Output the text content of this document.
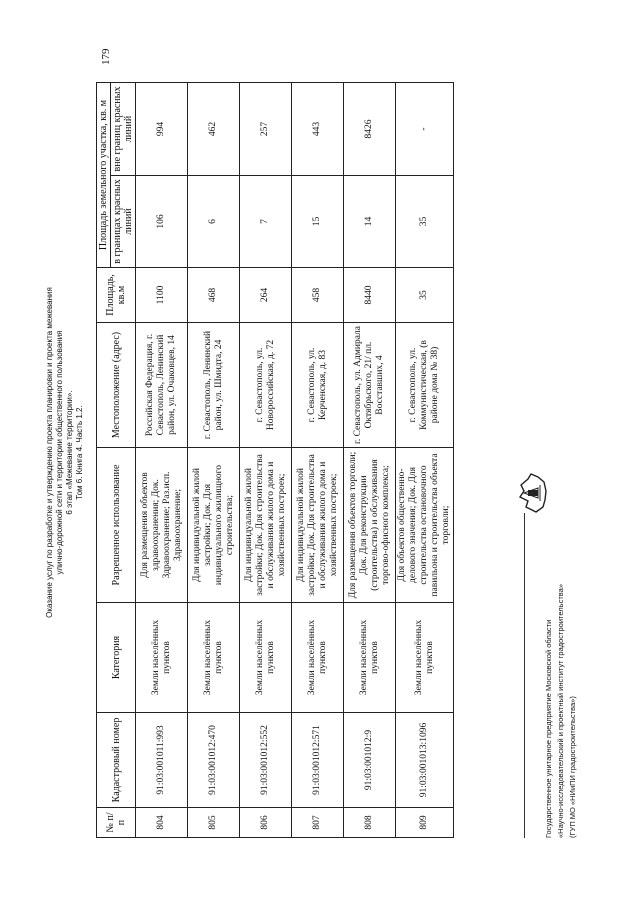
Оказание услуг по разработке и утверждению проекта планировки и проекта межевания улично-дорожной сети и территории общественного пользования 6 этап «Межевание территории». Том 6. Книга 4. Часть 1.2.
179
№ п/п	Кадастровый номер	Категория	Разрешенное использование	Местоположение (адрес)	Площадь, кв.м	Площадь земельного участка, кв. м	
						в границах красных линий	вне границ красных линий
804	91:03:001011:993	Земли населённых пунктов	Для размещения объектов здравоохранения; Док. Здравоохранение; Раз.исп. Здравоохранение;	Российская Федерация, г. Севастополь, Ленинский район, ул. Очаковцев, 14	1100	106	994
805	91:03:001012:470	Земли населённых пунктов	Для индивидуальной жилой застройки; Док. Для индивидуального жилищного строительства;	г. Севастополь, Ленинский район, ул. Шмидта, 24	468	6	462
806	91:03:001012:552	Земли населённых пунктов	Для индивидуальной жилой застройки; Док. Для строительства и обслуживания жилого дома и хозяйственных построек;	г. Севастополь, ул. Новороссийская, д. 72	264	7	257
807	91:03:001012:571	Земли населённых пунктов	Для индивидуальной жилой застройки; Док. Для строительства и обслуживания жилого дома и хозяйственных построек;	г. Севастополь, ул. Керченская, д. 83	458	15	443
808	91:03:001012:9	Земли населённых пунктов	Для размещения объектов торговли; Док. Для реконструкции (строительства) и обслуживания торгово-офисного комплекса;	г. Севастополь, ул. Адмирала Октябрьского, 21/ пл. Восставших, 4	8440	14	8426
809	91:03:001013:1096	Земли населённых пунктов	Для объектов общественно-делового значения; Док. Для строительства остановочного павильона и строительства объекта торговли;	г. Севастополь, ул. Коммунистическая, (в районе дома № 38)	35	35	-
Государственное унитарное предприятие Московской области «Научно-исследовательский и проектный институт градостроительства» (ГУП МО «НИиПИ градостроительства»)
